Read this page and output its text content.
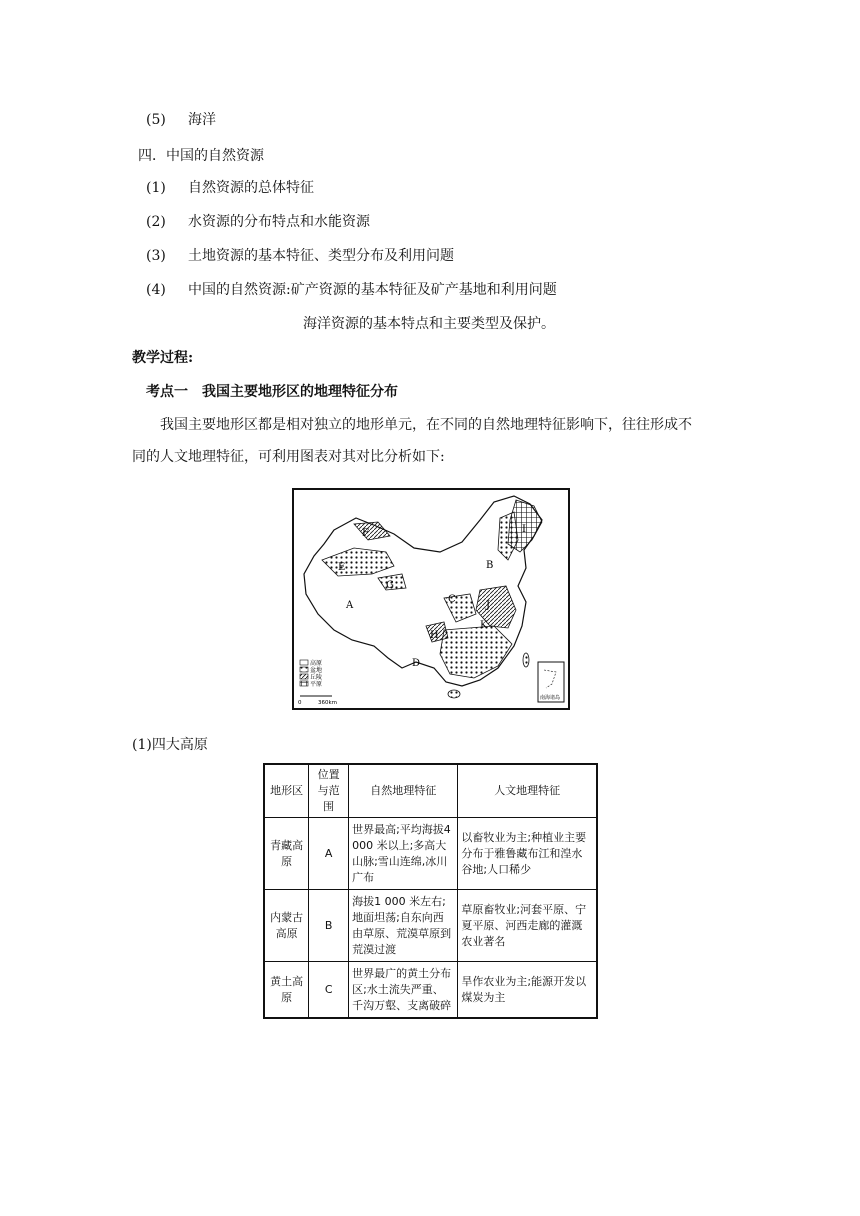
(5) 海洋
四．中国的自然资源
(1) 自然资源的总体特征
(2) 水资源的分布特点和水能资源
(3) 土地资源的基本特征、类型分布及利用问题
(4) 中国的自然资源:矿产资源的基本特征及矿产基地和利用问题
海洋资源的基本特点和主要类型及保护。
教学过程:
考点一 我国主要地形区的地理特征分布
我国主要地形区都是相对独立的地形单元，在不同的自然地理特征影响下，往往形成不
同的人文地理特征，可利用图表对其对比分析如下:
A
B
C
D
E
F
G
H
I
J
K
高原
盆地
丘陵
平原
0	360km
南海诸岛
(1)四大高原
地形区	位置与范围	自然地理特征	人文地理特征
青藏高原	A	世界最高;平均海拔4 000 米以上;多高大山脉;雪山连绵,冰川广布	以畜牧业为主;种植业主要分布于雅鲁藏布江和湟水谷地;人口稀少
内蒙古高原	B	海拔1 000 米左右;地面坦荡;自东向西由草原、荒漠草原到荒漠过渡	草原畜牧业;河套平原、宁夏平原、河西走廊的灌溉农业著名
黄土高原	C	世界最广的黄土分布区;水土流失严重、千沟万壑、支离破碎	旱作农业为主;能源开发以煤炭为主
